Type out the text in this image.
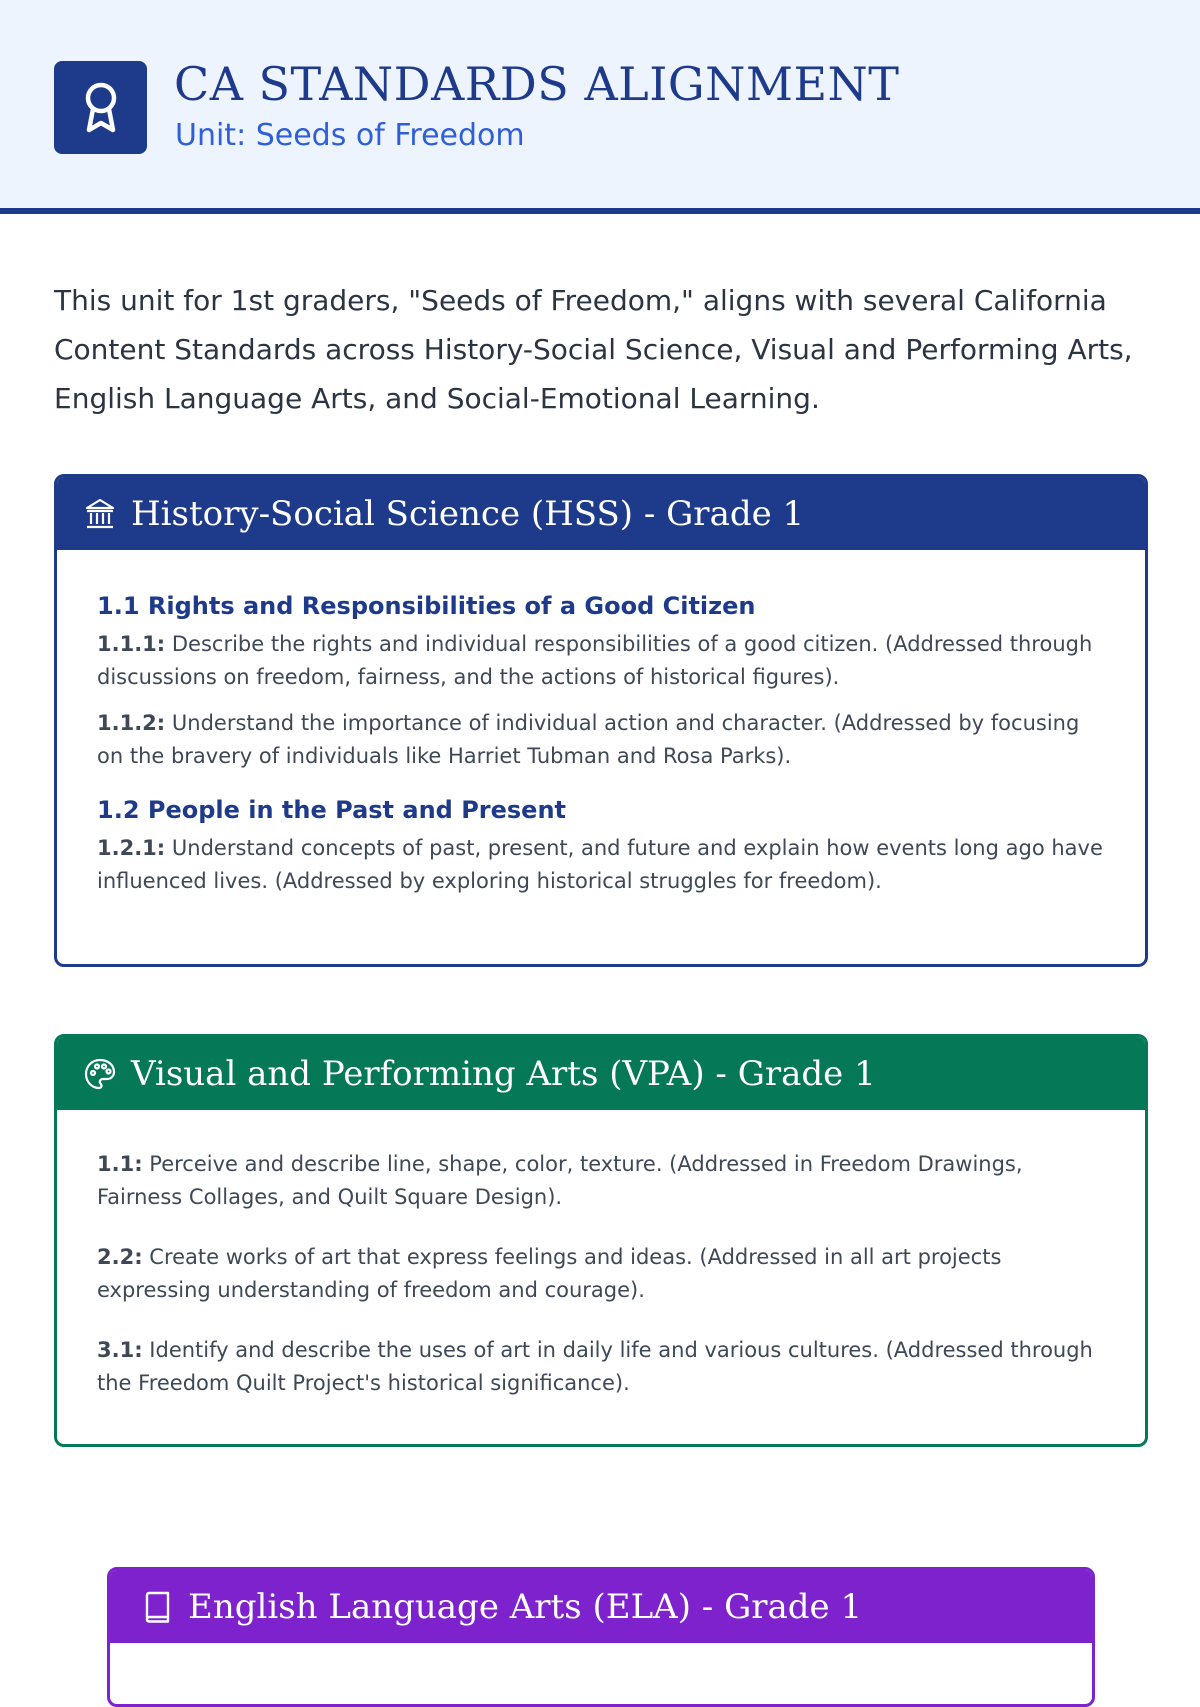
CA STANDARDS ALIGNMENT
Unit: Seeds of Freedom

This unit for 1st graders, "Seeds of Freedom," aligns with several California Content Standards across History-Social Science, Visual and Performing Arts, English Language Arts, and Social-Emotional Learning.

History-Social Science (HSS) - Grade 1
1.1 Rights and Responsibilities of a Good Citizen

1.1.1: Describe the rights and individual responsibilities of a good citizen. (Addressed through discussions on freedom, fairness, and the actions of historical figures).

1.1.2: Understand the importance of individual action and character. (Addressed by focusing on the bravery of individuals like Harriet Tubman and Rosa Parks).

1.2 People in the Past and Present

1.2.1: Understand concepts of past, present, and future and explain how events long ago have influenced lives. (Addressed by exploring historical struggles for freedom).

Visual and Performing Arts (VPA) - Grade 1

1.1: Perceive and describe line, shape, color, texture. (Addressed in Freedom Drawings, Fairness Collages, and Quilt Square Design).

2.2: Create works of art that express feelings and ideas. (Addressed in all art projects expressing understanding of freedom and courage).

3.1: Identify and describe the uses of art in daily life and various cultures. (Addressed through the Freedom Quilt Project's historical significance).

English Language Arts (ELA) - Grade 1
